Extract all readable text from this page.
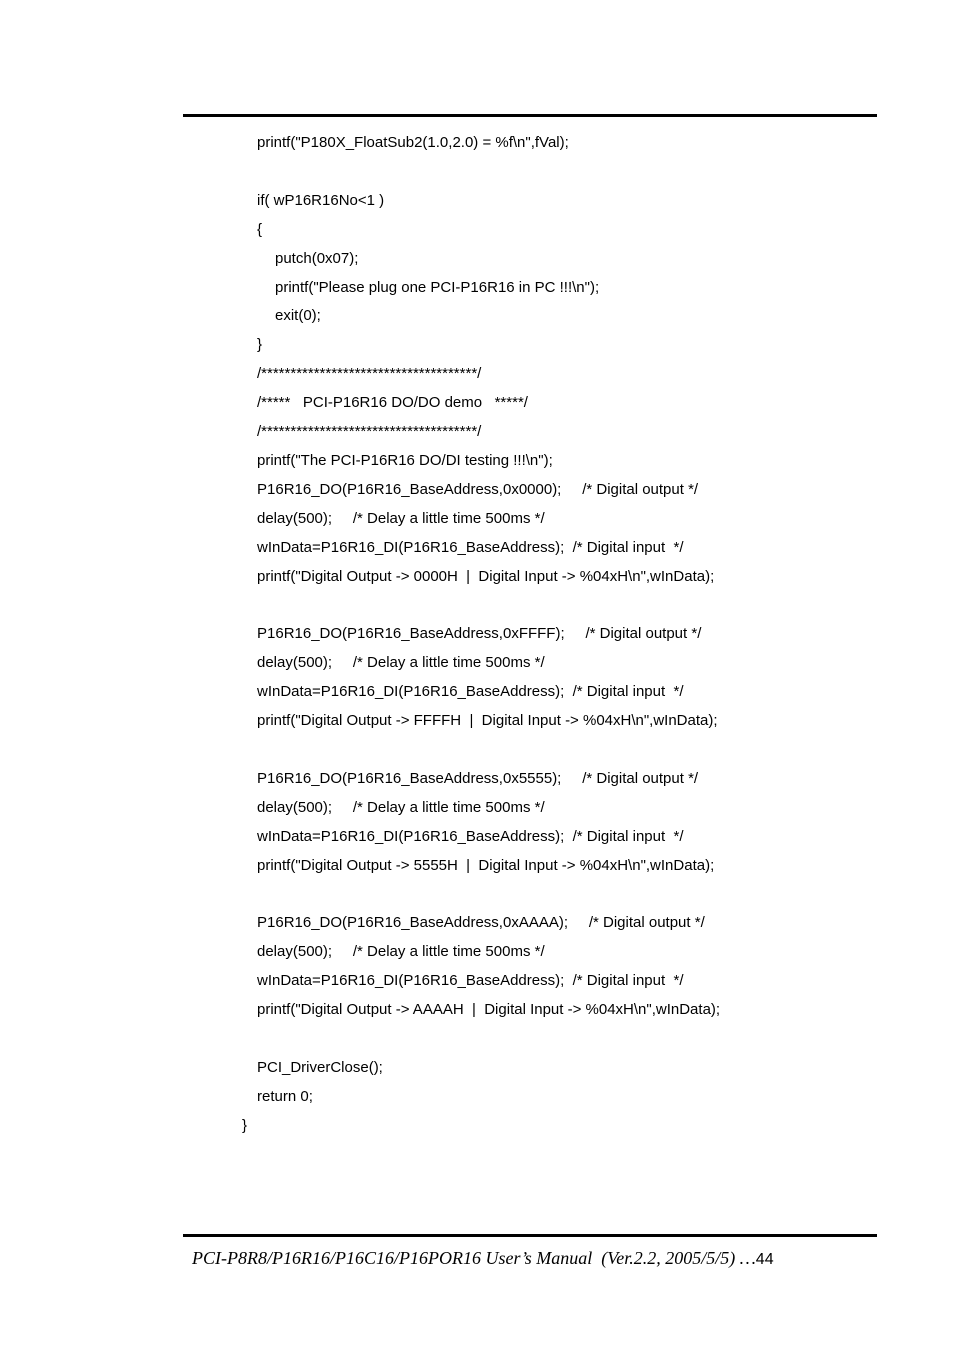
printf("P180X_FloatSub2(1.0,2.0) = %f\n",fVal);
if( wP16R16No<1 )
{
putch(0x07);
printf("Please plug one PCI-P16R16 in PC !!!\n");
exit(0);
}
/*************************************/
/*****   PCI-P16R16 DO/DO demo   *****/
/*************************************/
printf("The PCI-P16R16 DO/DI testing !!!\n");
P16R16_DO(P16R16_BaseAddress,0x0000);     /* Digital output */
delay(500);     /* Delay a little time 500ms */
wInData=P16R16_DI(P16R16_BaseAddress);  /* Digital input  */
printf("Digital Output -> 0000H  |  Digital Input -> %04xH\n",wInData);
P16R16_DO(P16R16_BaseAddress,0xFFFF);     /* Digital output */
delay(500);     /* Delay a little time 500ms */
wInData=P16R16_DI(P16R16_BaseAddress);  /* Digital input  */
printf("Digital Output -> FFFFH  |  Digital Input -> %04xH\n",wInData);
P16R16_DO(P16R16_BaseAddress,0x5555);     /* Digital output */
delay(500);     /* Delay a little time 500ms */
wInData=P16R16_DI(P16R16_BaseAddress);  /* Digital input  */
printf("Digital Output -> 5555H  |  Digital Input -> %04xH\n",wInData);
P16R16_DO(P16R16_BaseAddress,0xAAAA);     /* Digital output */
delay(500);     /* Delay a little time 500ms */
wInData=P16R16_DI(P16R16_BaseAddress);  /* Digital input  */
printf("Digital Output -> AAAAH  |  Digital Input -> %04xH\n",wInData);
PCI_DriverClose();
return 0;
}
PCI-P8R8/P16R16/P16C16/P16POR16 User’s Manual  (Ver.2.2, 2005/5/5) …44
